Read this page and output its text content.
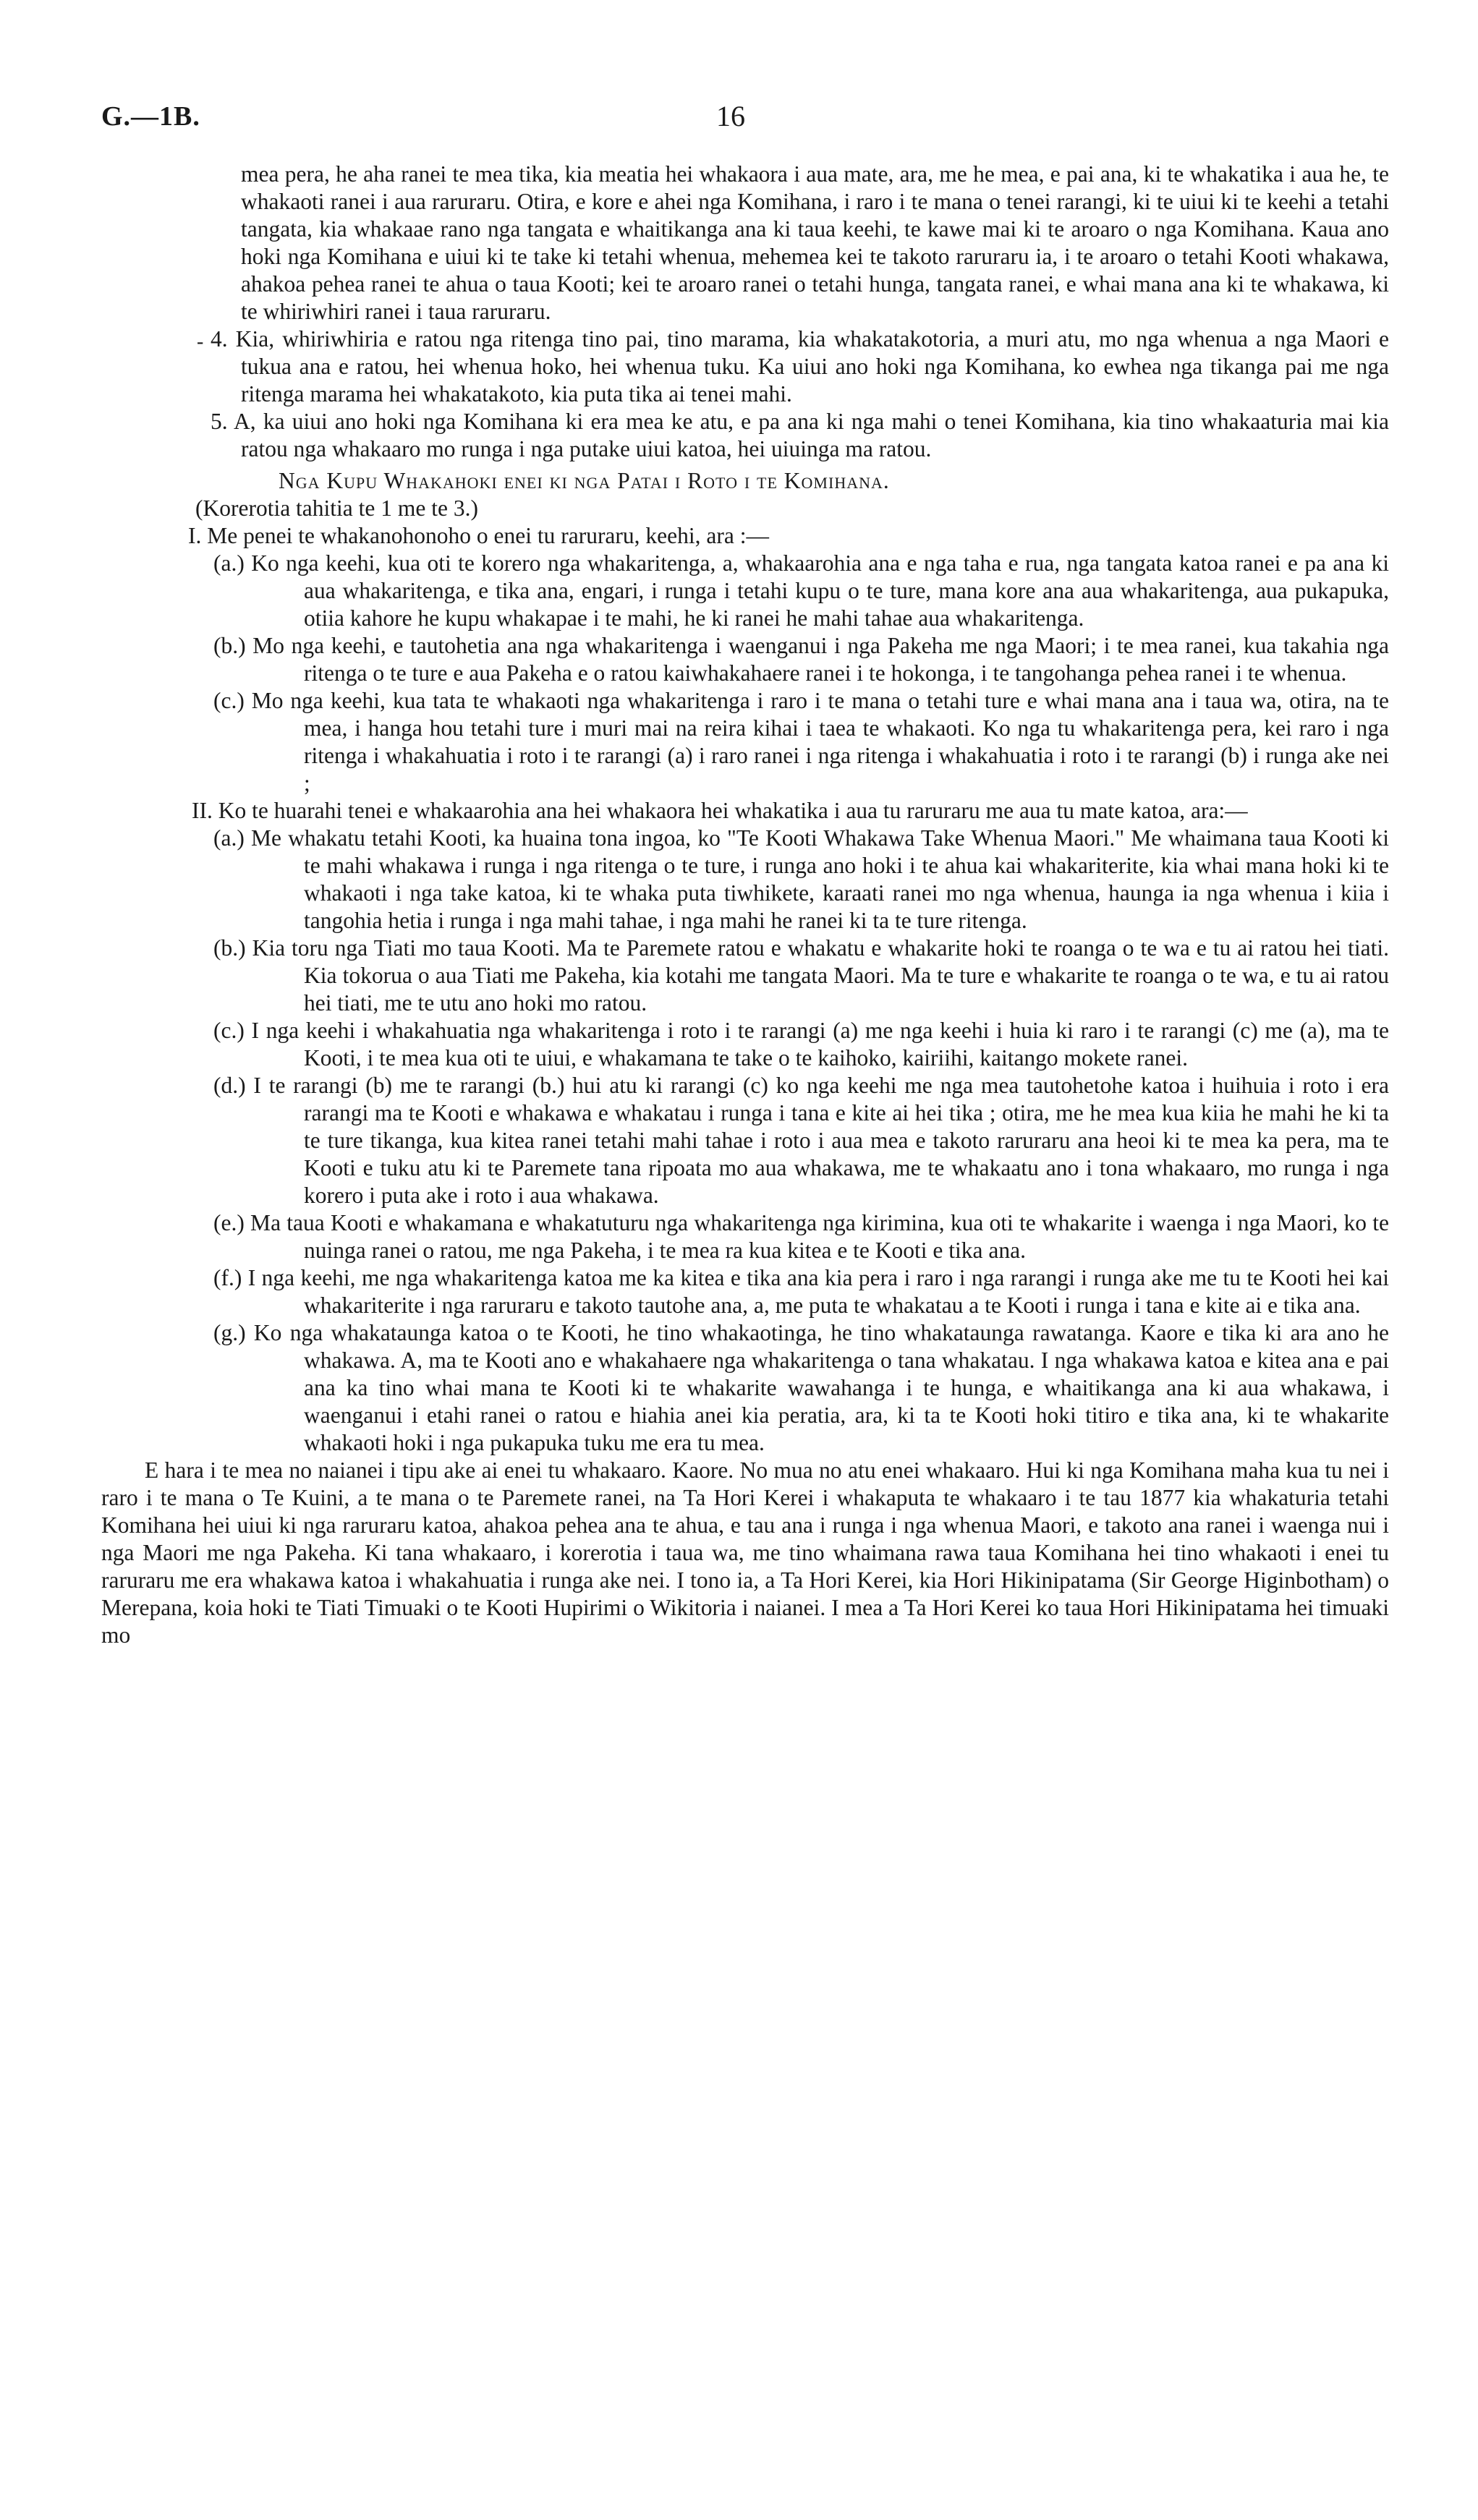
G.—1B.	16
-

mea pera, he aha ranei te mea tika, kia meatia hei whakaora i aua mate, ara, me he mea, e pai ana, ki te whakatika i aua he, te whakaoti ranei i aua raruraru. Otira, e kore e ahei nga Komihana, i raro i te mana o tenei rarangi, ki te uiui ki te keehi a tetahi tangata, kia whakaae rano nga tangata e whaitikanga ana ki taua keehi, te kawe mai ki te aroaro o nga Komihana. Kaua ano hoki nga Komihana e uiui ki te take ki tetahi whenua, mehemea kei te takoto raruraru ia, i te aroaro o tetahi Kooti whakawa, ahakoa pehea ranei te ahua o taua Kooti; kei te aroaro ranei o tetahi hunga, tangata ranei, e whai mana ana ki te whakawa, ki te whiriwhiri ranei i taua raruraru.

4. Kia, whiriwhiria e ratou nga ritenga tino pai, tino marama, kia whakatakotoria, a muri atu, mo nga whenua a nga Maori e tukua ana e ratou, hei whenua hoko, hei whenua tuku. Ka uiui ano hoki nga Komihana, ko ewhea nga tikanga pai me nga ritenga marama hei whakatakoto, kia puta tika ai tenei mahi.

5. A, ka uiui ano hoki nga Komihana ki era mea ke atu, e pa ana ki nga mahi o tenei Komihana, kia tino whakaaturia mai kia ratou nga whakaaro mo runga i nga putake uiui katoa, hei uiuinga ma ratou.

Nga Kupu Whakahoki enei ki nga Patai i Roto i te Komihana.

(Korerotia tahitia te 1 me te 3.)

I. Me penei te whakanohonoho o enei tu raruraru, keehi, ara :—

(a.) Ko nga keehi, kua oti te korero nga whakaritenga, a, whakaarohia ana e nga taha e rua, nga tangata katoa ranei e pa ana ki aua whakaritenga, e tika ana, engari, i runga i tetahi kupu o te ture, mana kore ana aua whakaritenga, aua pukapuka, otiia kahore he kupu whakapae i te mahi, he ki ranei he mahi tahae aua whakaritenga.

(b.) Mo nga keehi, e tautohetia ana nga whakaritenga i waenganui i nga Pakeha me nga Maori; i te mea ranei, kua takahia nga ritenga o te ture e aua Pakeha e o ratou kaiwhakahaere ranei i te hokonga, i te tangohanga pehea ranei i te whenua.

(c.) Mo nga keehi, kua tata te whakaoti nga whakaritenga i raro i te mana o tetahi ture e whai mana ana i taua wa, otira, na te mea, i hanga hou tetahi ture i muri mai na reira kihai i taea te whakaoti. Ko nga tu whakaritenga pera, kei raro i nga ritenga i whakahuatia i roto i te rarangi (a) i raro ranei i nga ritenga i whakahuatia i roto i te rarangi (b) i runga ake nei ;

II. Ko te huarahi tenei e whakaarohia ana hei whakaora hei whakatika i aua tu raruraru me aua tu mate katoa, ara:—

(a.) Me whakatu tetahi Kooti, ka huaina tona ingoa, ko "Te Kooti Whakawa Take Whenua Maori." Me whaimana taua Kooti ki te mahi whakawa i runga i nga ritenga o te ture, i runga ano hoki i te ahua kai whakariterite, kia whai mana hoki ki te whakaoti i nga take katoa, ki te whaka puta tiwhikete, karaati ranei mo nga whenua, haunga ia nga whenua i kiia i tangohia hetia i runga i nga mahi tahae, i nga mahi he ranei ki ta te ture ritenga.

(b.) Kia toru nga Tiati mo taua Kooti. Ma te Paremete ratou e whakatu e whakarite hoki te roanga o te wa e tu ai ratou hei tiati. Kia tokorua o aua Tiati me Pakeha, kia kotahi me tangata Maori. Ma te ture e whakarite te roanga o te wa, e tu ai ratou hei tiati, me te utu ano hoki mo ratou.

(c.) I nga keehi i whakahuatia nga whakaritenga i roto i te rarangi (a) me nga keehi i huia ki raro i te rarangi (c) me (a), ma te Kooti, i te mea kua oti te uiui, e whakamana te take o te kaihoko, kairiihi, kaitango mokete ranei.

(d.) I te rarangi (b) me te rarangi (b.) hui atu ki rarangi (c) ko nga keehi me nga mea tautohetohe katoa i huihuia i roto i era rarangi ma te Kooti e whakawa e whakatau i runga i tana e kite ai hei tika ; otira, me he mea kua kiia he mahi he ki ta te ture tikanga, kua kitea ranei tetahi mahi tahae i roto i aua mea e takoto raruraru ana heoi ki te mea ka pera, ma te Kooti e tuku atu ki te Paremete tana ripoata mo aua whakawa, me te whakaatu ano i tona whakaaro, mo runga i nga korero i puta ake i roto i aua whakawa.

(e.) Ma taua Kooti e whakamana e whakatuturu nga whakaritenga nga kirimina, kua oti te whakarite i waenga i nga Maori, ko te nuinga ranei o ratou, me nga Pakeha, i te mea ra kua kitea e te Kooti e tika ana.

(f.) I nga keehi, me nga whakaritenga katoa me ka kitea e tika ana kia pera i raro i nga rarangi i runga ake me tu te Kooti hei kai whakariterite i nga raruraru e takoto tautohe ana, a, me puta te whakatau a te Kooti i runga i tana e kite ai e tika ana.

(g.) Ko nga whakataunga katoa o te Kooti, he tino whakaotinga, he tino whakataunga rawatanga. Kaore e tika ki ara ano he whakawa. A, ma te Kooti ano e whakahaere nga whakaritenga o tana whakatau. I nga whakawa katoa e kitea ana e pai ana ka tino whai mana te Kooti ki te whakarite wawahanga i te hunga, e whaitikanga ana ki aua whakawa, i waenganui i etahi ranei o ratou e hiahia anei kia peratia, ara, ki ta te Kooti hoki titiro e tika ana, ki te whakarite whakaoti hoki i nga pukapuka tuku me era tu mea.

E hara i te mea no naianei i tipu ake ai enei tu whakaaro. Kaore. No mua no atu enei whakaaro. Hui ki nga Komihana maha kua tu nei i raro i te mana o Te Kuini, a te mana o te Paremete ranei, na Ta Hori Kerei i whakaputa te whakaaro i te tau 1877 kia whakaturia tetahi Komihana hei uiui ki nga raruraru katoa, ahakoa pehea ana te ahua, e tau ana i runga i nga whenua Maori, e takoto ana ranei i waenga nui i nga Maori me nga Pakeha. Ki tana whakaaro, i korerotia i taua wa, me tino whaimana rawa taua Komihana hei tino whakaoti i enei tu raruraru me era whakawa katoa i whakahuatia i runga ake nei. I tono ia, a Ta Hori Kerei, kia Hori Hikinipatama (Sir George Higinbotham) o Merepana, koia hoki te Tiati Timuaki o te Kooti Hupirimi o Wikitoria i naianei. I mea a Ta Hori Kerei ko taua Hori Hikinipatama hei timuaki mo
